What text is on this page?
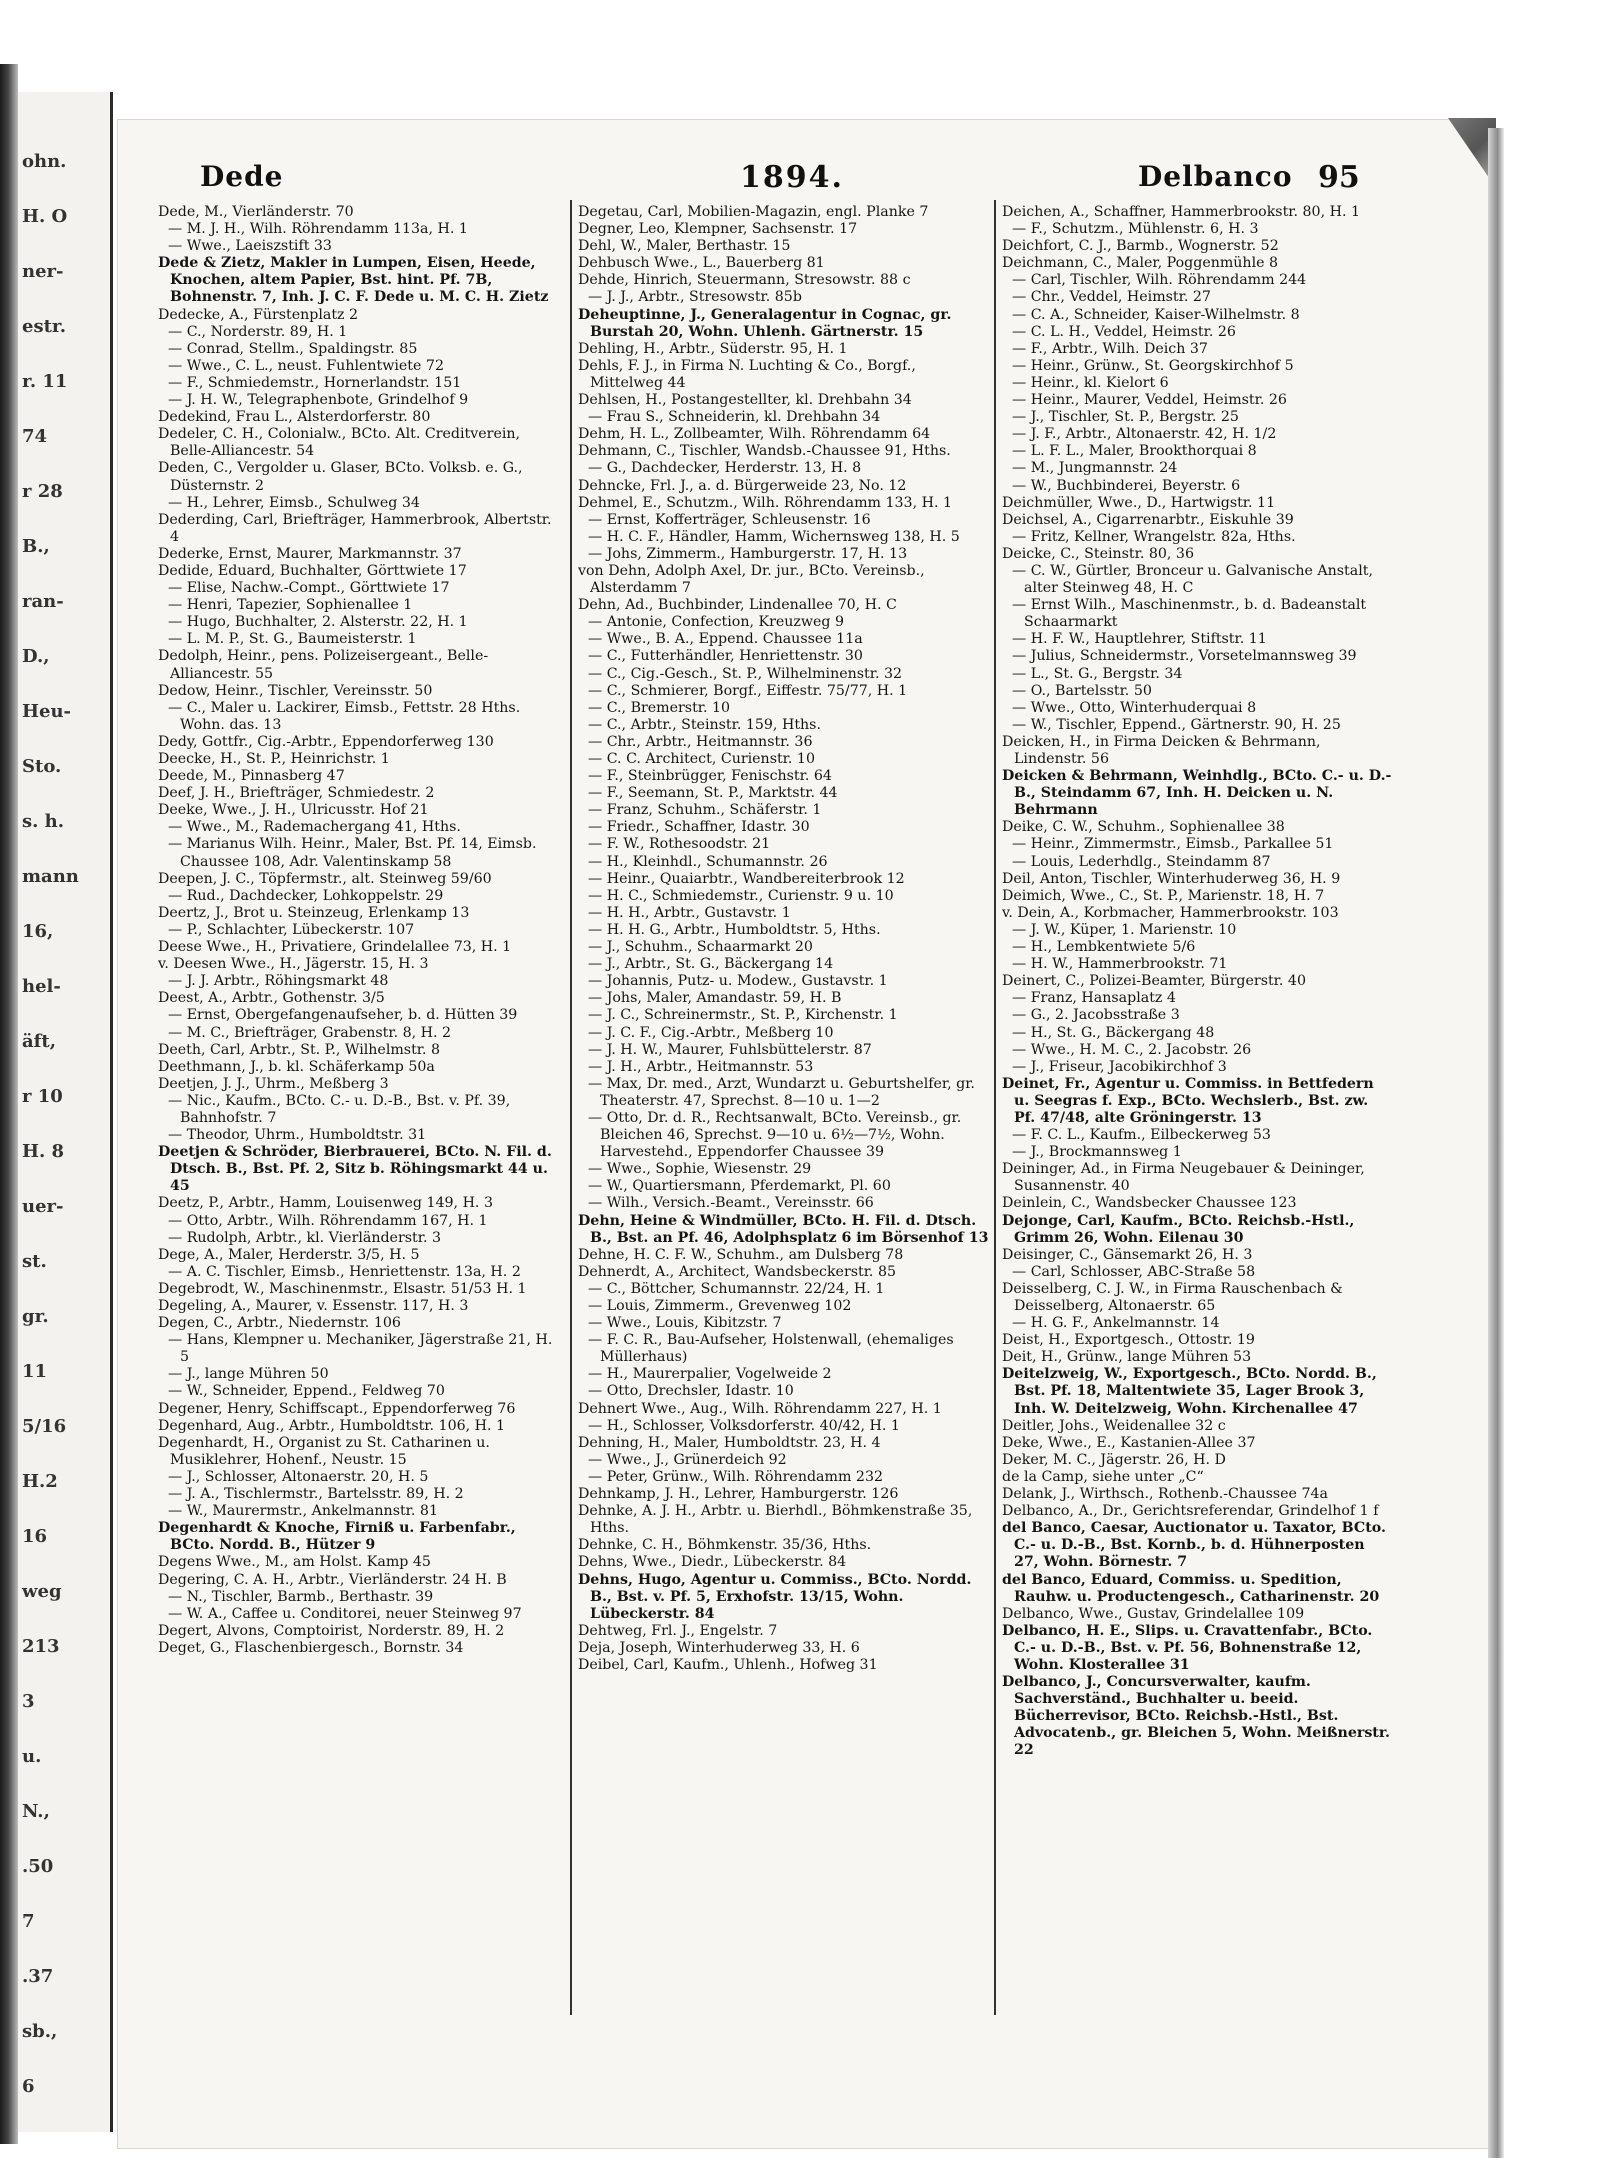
ohn.
H. O
ner-
estr.
r. 11
74
r 28
B.,
ran-
D.,
Heu-
Sto.
s. h.
mann
16,
hel-
äft,
r 10
H. 8
uer-
st.
gr.
11
5/16
H.2
16
weg
213
3
u.
N.,
.50
7
.37
sb.,
6
Dede	1894.	Delbanco 95
Dede, M., Vierländerstr. 70
— M. J. H., Wilh. Röhrendamm 113a, H. 1
— Wwe., Laeiszstift 33
Dede & Zietz, Makler in Lumpen, Eisen, Heede, Knochen, altem Papier, Bst. hint. Pf. 7B, Bohnenstr. 7, Inh. J. C. F. Dede u. M. C. H. Zietz
Dedecke, A., Fürstenplatz 2
— C., Norderstr. 89, H. 1
— Conrad, Stellm., Spaldingstr. 85
— Wwe., C. L., neust. Fuhlentwiete 72
— F., Schmiedemstr., Hornerlandstr. 151
— J. H. W., Telegraphenbote, Grindelhof 9
Dedekind, Frau L., Alsterdorferstr. 80
Dedeler, C. H., Colonialw., BCto. Alt. Creditverein, Belle-Alliancestr. 54
Deden, C., Vergolder u. Glaser, BCto. Volksb. e. G., Düsternstr. 2
— H., Lehrer, Eimsb., Schulweg 34
Dederding, Carl, Briefträger, Hammerbrook, Albertstr. 4
Dederke, Ernst, Maurer, Markmannstr. 37
Dedide, Eduard, Buchhalter, Görttwiete 17
— Elise, Nachw.-Compt., Görttwiete 17
— Henri, Tapezier, Sophienallee 1
— Hugo, Buchhalter, 2. Alsterstr. 22, H. 1
— L. M. P., St. G., Baumeisterstr. 1
Dedolph, Heinr., pens. Polizeisergeant., Belle-Alliancestr. 55
Dedow, Heinr., Tischler, Vereinsstr. 50
— C., Maler u. Lackirer, Eimsb., Fettstr. 28 Hths. Wohn. das. 13
Dedy, Gottfr., Cig.-Arbtr., Eppendorferweg 130
Deecke, H., St. P., Heinrichstr. 1
Deede, M., Pinnasberg 47
Deef, J. H., Briefträger, Schmiedestr. 2
Deeke, Wwe., J. H., Ulricusstr. Hof 21
— Wwe., M., Rademachergang 41, Hths.
— Marianus Wilh. Heinr., Maler, Bst. Pf. 14, Eimsb. Chaussee 108, Adr. Valentinskamp 58
Deepen, J. C., Töpfermstr., alt. Steinweg 59/60
— Rud., Dachdecker, Lohkoppelstr. 29
Deertz, J., Brot u. Steinzeug, Erlenkamp 13
— P., Schlachter, Lübeckerstr. 107
Deese Wwe., H., Privatiere, Grindelallee 73, H. 1
v. Deesen Wwe., H., Jägerstr. 15, H. 3
— J. J. Arbtr., Röhingsmarkt 48
Deest, A., Arbtr., Gothenstr. 3/5
— Ernst, Obergefangenaufseher, b. d. Hütten 39
— M. C., Briefträger, Grabenstr. 8, H. 2
Deeth, Carl, Arbtr., St. P., Wilhelmstr. 8
Deethmann, J., b. kl. Schäferkamp 50a
Deetjen, J. J., Uhrm., Meßberg 3
— Nic., Kaufm., BCto. C.- u. D.-B., Bst. v. Pf. 39, Bahnhofstr. 7
— Theodor, Uhrm., Humboldtstr. 31
Deetjen & Schröder, Bierbrauerei, BCto. N. Fil. d. Dtsch. B., Bst. Pf. 2, Sitz b. Röhingsmarkt 44 u. 45
Deetz, P., Arbtr., Hamm, Louisenweg 149, H. 3
— Otto, Arbtr., Wilh. Röhrendamm 167, H. 1
— Rudolph, Arbtr., kl. Vierländerstr. 3
Dege, A., Maler, Herderstr. 3/5, H. 5
— A. C. Tischler, Eimsb., Henriettenstr. 13a, H. 2
Degebrodt, W., Maschinenmstr., Elsastr. 51/53 H. 1
Degeling, A., Maurer, v. Essenstr. 117, H. 3
Degen, C., Arbtr., Niedernstr. 106
— Hans, Klempner u. Mechaniker, Jägerstraße 21, H. 5
— J., lange Mühren 50
— W., Schneider, Eppend., Feldweg 70
Degener, Henry, Schiffscapt., Eppendorferweg 76
Degenhard, Aug., Arbtr., Humboldtstr. 106, H. 1
Degenhardt, H., Organist zu St. Catharinen u. Musiklehrer, Hohenf., Neustr. 15
— J., Schlosser, Altonaerstr. 20, H. 5
— J. A., Tischlermstr., Bartelsstr. 89, H. 2
— W., Maurermstr., Ankelmannstr. 81
Degenhardt & Knoche, Firniß u. Farbenfabr., BCto. Nordd. B., Hützer 9
Degens Wwe., M., am Holst. Kamp 45
Degering, C. A. H., Arbtr., Vierländerstr. 24 H. B
— N., Tischler, Barmb., Berthastr. 39
— W. A., Caffee u. Conditorei, neuer Steinweg 97
Degert, Alvons, Comptoirist, Norderstr. 89, H. 2
Deget, G., Flaschenbiergesch., Bornstr. 34
Degetau, Carl, Mobilien-Magazin, engl. Planke 7
Degner, Leo, Klempner, Sachsenstr. 17
Dehl, W., Maler, Berthastr. 15
Dehbusch Wwe., L., Bauerberg 81
Dehde, Hinrich, Steuermann, Stresowstr. 88 c
— J. J., Arbtr., Stresowstr. 85b
Deheuptinne, J., Generalagentur in Cognac, gr. Burstah 20, Wohn. Uhlenh. Gärtnerstr. 15
Dehling, H., Arbtr., Süderstr. 95, H. 1
Dehls, F. J., in Firma N. Luchting & Co., Borgf., Mittelweg 44
Dehlsen, H., Postangestellter, kl. Drehbahn 34
— Frau S., Schneiderin, kl. Drehbahn 34
Dehm, H. L., Zollbeamter, Wilh. Röhrendamm 64
Dehmann, C., Tischler, Wandsb.-Chaussee 91, Hths.
— G., Dachdecker, Herderstr. 13, H. 8
Dehncke, Frl. J., a. d. Bürgerweide 23, No. 12
Dehmel, E., Schutzm., Wilh. Röhrendamm 133, H. 1
— Ernst, Kofferträger, Schleusenstr. 16
— H. C. F., Händler, Hamm, Wichernsweg 138, H. 5
— Johs, Zimmerm., Hamburgerstr. 17, H. 13
von Dehn, Adolph Axel, Dr. jur., BCto. Vereinsb., Alsterdamm 7
Dehn, Ad., Buchbinder, Lindenallee 70, H. C
— Antonie, Confection, Kreuzweg 9
— Wwe., B. A., Eppend. Chaussee 11a
— C., Futterhändler, Henriettenstr. 30
— C., Cig.-Gesch., St. P., Wilhelminenstr. 32
— C., Schmierer, Borgf., Eiffestr. 75/77, H. 1
— C., Bremerstr. 10
— C., Arbtr., Steinstr. 159, Hths.
— Chr., Arbtr., Heitmannstr. 36
— C. C. Architect, Curienstr. 10
— F., Steinbrügger, Fenischstr. 64
— F., Seemann, St. P., Marktstr. 44
— Franz, Schuhm., Schäferstr. 1
— Friedr., Schaffner, Idastr. 30
— F. W., Rothesoodstr. 21
— H., Kleinhdl., Schumannstr. 26
— Heinr., Quaiarbtr., Wandbereiterbrook 12
— H. C., Schmiedemstr., Curienstr. 9 u. 10
— H. H., Arbtr., Gustavstr. 1
— H. H. G., Arbtr., Humboldtstr. 5, Hths.
— J., Schuhm., Schaarmarkt 20
— J., Arbtr., St. G., Bäckergang 14
— Johannis, Putz- u. Modew., Gustavstr. 1
— Johs, Maler, Amandastr. 59, H. B
— J. C., Schreinermstr., St. P., Kirchenstr. 1
— J. C. F., Cig.-Arbtr., Meßberg 10
— J. H. W., Maurer, Fuhlsbüttelerstr. 87
— J. H., Arbtr., Heitmannstr. 53
— Max, Dr. med., Arzt, Wundarzt u. Geburtshelfer, gr. Theaterstr. 47, Sprechst. 8—10 u. 1—2
— Otto, Dr. d. R., Rechtsanwalt, BCto. Vereinsb., gr. Bleichen 46, Sprechst. 9—10 u. 6½—7½, Wohn. Harvestehd., Eppendorfer Chaussee 39
— Wwe., Sophie, Wiesenstr. 29
— W., Quartiersmann, Pferdemarkt, Pl. 60
— Wilh., Versich.-Beamt., Vereinsstr. 66
Dehn, Heine & Windmüller, BCto. H. Fil. d. Dtsch. B., Bst. an Pf. 46, Adolphsplatz 6 im Börsenhof 13
Dehne, H. C. F. W., Schuhm., am Dulsberg 78
Dehnerdt, A., Architect, Wandsbeckerstr. 85
— C., Böttcher, Schumannstr. 22/24, H. 1
— Louis, Zimmerm., Grevenweg 102
— Wwe., Louis, Kibitzstr. 7
— F. C. R., Bau-Aufseher, Holstenwall, (ehemaliges Müllerhaus)
— H., Maurerpalier, Vogelweide 2
— Otto, Drechsler, Idastr. 10
Dehnert Wwe., Aug., Wilh. Röhrendamm 227, H. 1
— H., Schlosser, Volksdorferstr. 40/42, H. 1
Dehning, H., Maler, Humboldtstr. 23, H. 4
— Wwe., J., Grünerdeich 92
— Peter, Grünw., Wilh. Röhrendamm 232
Dehnkamp, J. H., Lehrer, Hamburgerstr. 126
Dehnke, A. J. H., Arbtr. u. Bierhdl., Böhmkenstraße 35, Hths.
Dehnke, C. H., Böhmkenstr. 35/36, Hths.
Dehns, Wwe., Diedr., Lübeckerstr. 84
Dehns, Hugo, Agentur u. Commiss., BCto. Nordd. B., Bst. v. Pf. 5, Erxhofstr. 13/15, Wohn. Lübeckerstr. 84
Dehtweg, Frl. J., Engelstr. 7
Deja, Joseph, Winterhuderweg 33, H. 6
Deibel, Carl, Kaufm., Uhlenh., Hofweg 31
Deichen, A., Schaffner, Hammerbrookstr. 80, H. 1
— F., Schutzm., Mühlenstr. 6, H. 3
Deichfort, C. J., Barmb., Wognerstr. 52
Deichmann, C., Maler, Poggenmühle 8
— Carl, Tischler, Wilh. Röhrendamm 244
— Chr., Veddel, Heimstr. 27
— C. A., Schneider, Kaiser-Wilhelmstr. 8
— C. L. H., Veddel, Heimstr. 26
— F., Arbtr., Wilh. Deich 37
— Heinr., Grünw., St. Georgskirchhof 5
— Heinr., kl. Kielort 6
— Heinr., Maurer, Veddel, Heimstr. 26
— J., Tischler, St. P., Bergstr. 25
— J. F., Arbtr., Altonaerstr. 42, H. 1/2
— L. F. L., Maler, Brookthorquai 8
— M., Jungmannstr. 24
— W., Buchbinderei, Beyerstr. 6
Deichmüller, Wwe., D., Hartwigstr. 11
Deichsel, A., Cigarrenarbtr., Eiskuhle 39
— Fritz, Kellner, Wrangelstr. 82a, Hths.
Deicke, C., Steinstr. 80, 36
— C. W., Gürtler, Bronceur u. Galvanische Anstalt, alter Steinweg 48, H. C
— Ernst Wilh., Maschinenmstr., b. d. Badeanstalt Schaarmarkt
— H. F. W., Hauptlehrer, Stiftstr. 11
— Julius, Schneidermstr., Vorsetelmannsweg 39
— L., St. G., Bergstr. 34
— O., Bartelsstr. 50
— Wwe., Otto, Winterhuderquai 8
— W., Tischler, Eppend., Gärtnerstr. 90, H. 25
Deicken, H., in Firma Deicken & Behrmann, Lindenstr. 56
Deicken & Behrmann, Weinhdlg., BCto. C.- u. D.-B., Steindamm 67, Inh. H. Deicken u. N. Behrmann
Deike, C. W., Schuhm., Sophienallee 38
— Heinr., Zimmermstr., Eimsb., Parkallee 51
— Louis, Lederhdlg., Steindamm 87
Deil, Anton, Tischler, Winterhuderweg 36, H. 9
Deimich, Wwe., C., St. P., Marienstr. 18, H. 7
v. Dein, A., Korbmacher, Hammerbrookstr. 103
— J. W., Küper, 1. Marienstr. 10
— H., Lembkentwiete 5/6
— H. W., Hammerbrookstr. 71
Deinert, C., Polizei-Beamter, Bürgerstr. 40
— Franz, Hansaplatz 4
— G., 2. Jacobsstraße 3
— H., St. G., Bäckergang 48
— Wwe., H. M. C., 2. Jacobstr. 26
— J., Friseur, Jacobikirchhof 3
Deinet, Fr., Agentur u. Commiss. in Bettfedern u. Seegras f. Exp., BCto. Wechslerb., Bst. zw. Pf. 47/48, alte Gröningerstr. 13
— F. C. L., Kaufm., Eilbeckerweg 53
— J., Brockmannsweg 1
Deininger, Ad., in Firma Neugebauer & Deininger, Susannenstr. 40
Deinlein, C., Wandsbecker Chaussee 123
Dejonge, Carl, Kaufm., BCto. Reichsb.-Hstl., Grimm 26, Wohn. Eilenau 30
Deisinger, C., Gänsemarkt 26, H. 3
— Carl, Schlosser, ABC-Straße 58
Deisselberg, C. J. W., in Firma Rauschenbach & Deisselberg, Altonaerstr. 65
— H. G. F., Ankelmannstr. 14
Deist, H., Exportgesch., Ottostr. 19
Deit, H., Grünw., lange Mühren 53
Deitelzweig, W., Exportgesch., BCto. Nordd. B., Bst. Pf. 18, Maltentwiete 35, Lager Brook 3, Inh. W. Deitelzweig, Wohn. Kirchenallee 47
Deitler, Johs., Weidenallee 32 c
Deke, Wwe., E., Kastanien-Allee 37
Deker, M. C., Jägerstr. 26, H. D
de la Camp, siehe unter „C“
Delank, J., Wirthsch., Rothenb.-Chaussee 74a
Delbanco, A., Dr., Gerichtsreferendar, Grindelhof 1 f
del Banco, Caesar, Auctionator u. Taxator, BCto. C.- u. D.-B., Bst. Kornb., b. d. Hühnerposten 27, Wohn. Börnestr. 7
del Banco, Eduard, Commiss. u. Spedition, Rauhw. u. Productengesch., Catharinenstr. 20
Delbanco, Wwe., Gustav, Grindelallee 109
Delbanco, H. E., Slips. u. Cravattenfabr., BCto. C.- u. D.-B., Bst. v. Pf. 56, Bohnenstraße 12, Wohn. Klosterallee 31
Delbanco, J., Concursverwalter, kaufm. Sachverständ., Buchhalter u. beeid. Bücherrevisor, BCto. Reichsb.-Hstl., Bst. Advocatenb., gr. Bleichen 5, Wohn. Meißnerstr. 22
